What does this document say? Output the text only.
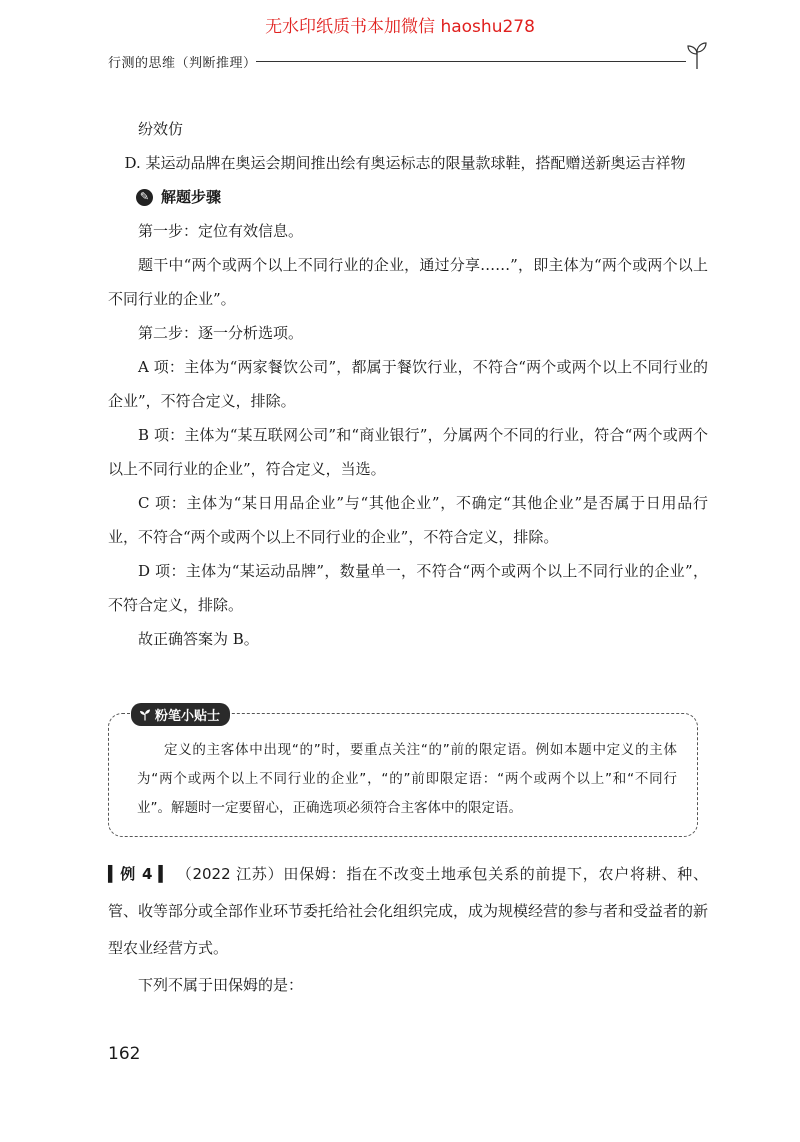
无水印纸质书本加微信 haoshu278
行测的思维（判断推理）

纷效仿

D. 某运动品牌在奥运会期间推出绘有奥运标志的限量款球鞋，搭配赠送新奥运吉祥物

✎ 解题步骤

第一步：定位有效信息。

题干中“两个或两个以上不同行业的企业，通过分享……”，即主体为“两个或两个以上不同行业的企业”。

第二步：逐一分析选项。

A 项：主体为“两家餐饮公司”，都属于餐饮行业，不符合“两个或两个以上不同行业的企业”，不符合定义，排除。

B 项：主体为“某互联网公司”和“商业银行”，分属两个不同的行业，符合“两个或两个以上不同行业的企业”，符合定义，当选。

C 项：主体为“某日用品企业”与“其他企业”，不确定“其他企业”是否属于日用品行业，不符合“两个或两个以上不同行业的企业”，不符合定义，排除。

D 项：主体为“某运动品牌”，数量单一，不符合“两个或两个以上不同行业的企业”，不符合定义，排除。

故正确答案为 B。

粉笔小贴士
定义的主客体中出现“的”时，要重点关注“的”前的限定语。例如本题中定义的主体为“两个或两个以上不同行业的企业”，“的”前即限定语：“两个或两个以上”和“不同行业”。解题时一定要留心，正确选项必须符合主客体中的限定语。
▍例 4 ▍ （2022 江苏）田保姆：指在不改变土地承包关系的前提下，农户将耕、种、管、收等部分或全部作业环节委托给社会化组织完成，成为规模经营的参与者和受益者的新型农业经营方式。
下列不属于田保姆的是：
162
